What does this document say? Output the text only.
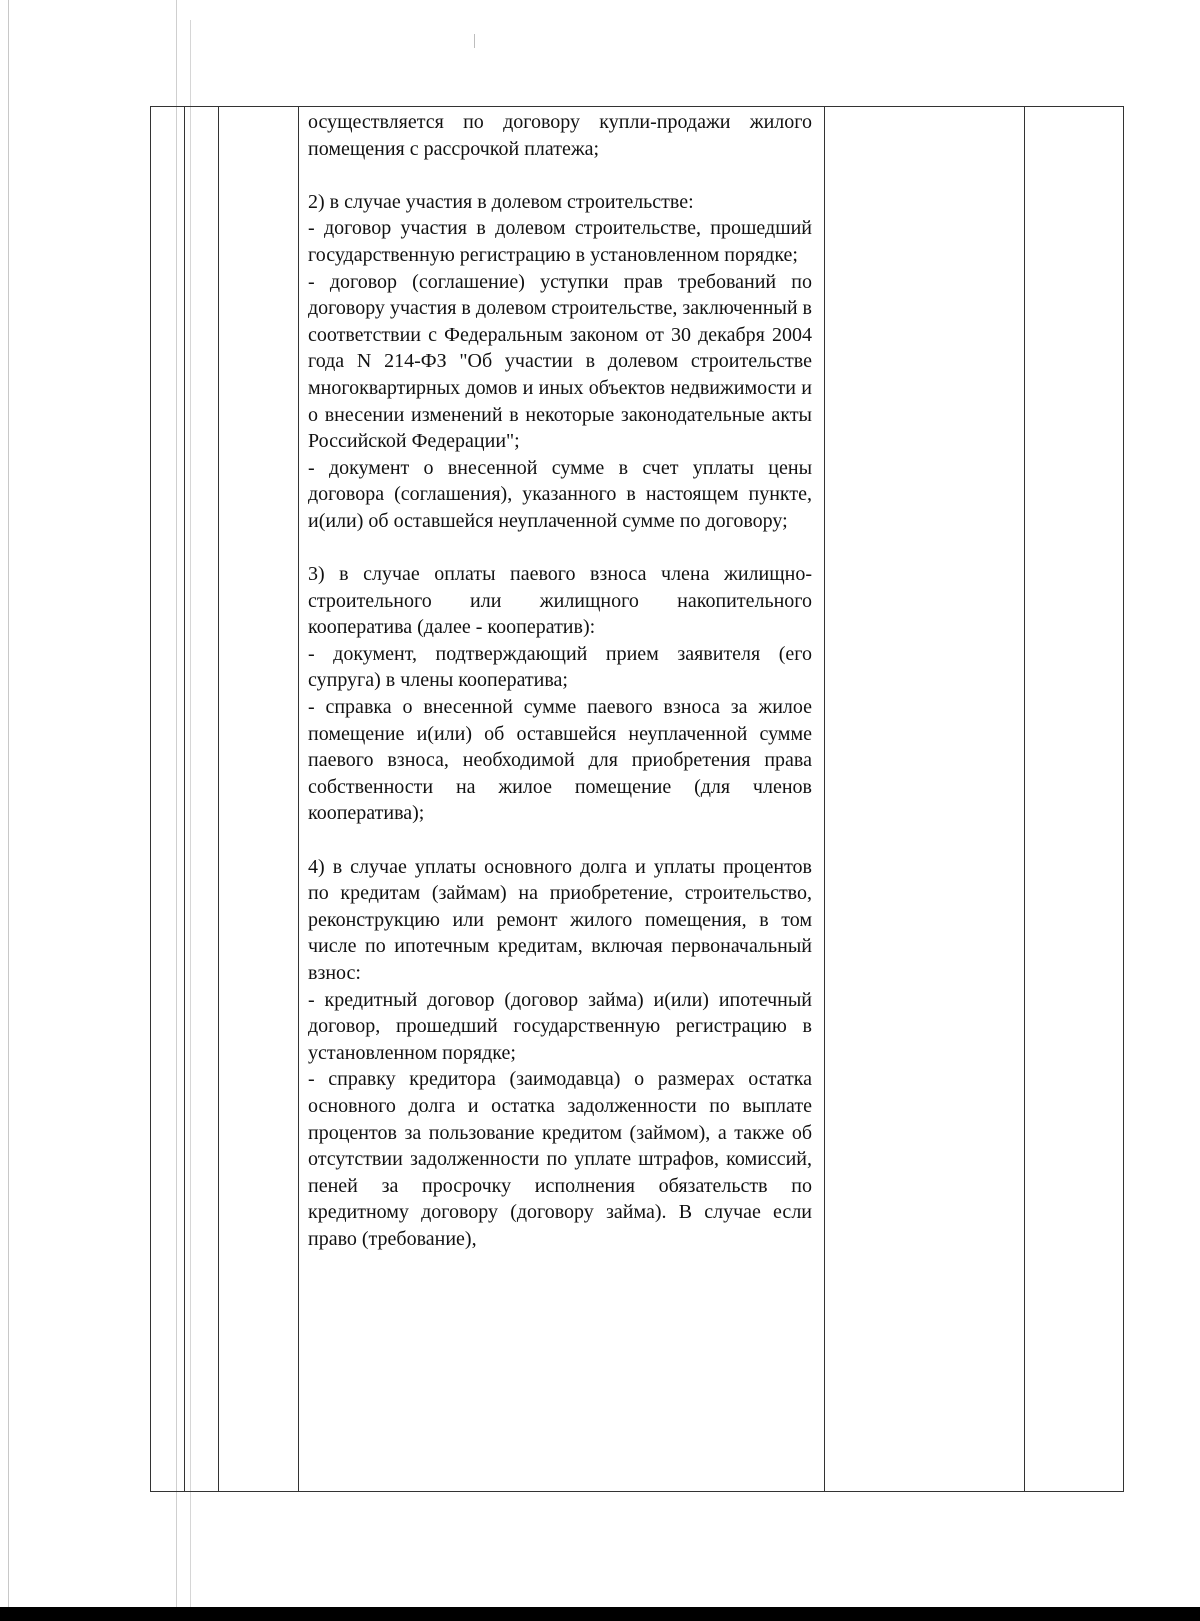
осуществляется по договору купли-продажи жилого помещения с рассрочкой платежа;

2) в случае участия в долевом строительстве:

- договор участия в долевом строительстве, прошедший государственную регистрацию в установленном порядке;

- договор (соглашение) уступки прав требований по договору участия в долевом строительстве, заключенный в соответствии с Федеральным законом от 30 декабря 2004 года N 214-ФЗ "Об участии в долевом строительстве многоквартирных домов и иных объектов недвижимости и о внесении изменений в некоторые законодательные акты Российской Федерации";

- документ о внесенной сумме в счет уплаты цены договора (соглашения), указанного в настоящем пункте, и(или) об оставшейся неуплаченной сумме по договору;

3) в случае оплаты паевого взноса члена жилищно-строительного или жилищного накопительного кооператива (далее - кооператив):

- документ, подтверждающий прием заявителя (его супруга) в члены кооператива;

- справка о внесенной сумме паевого взноса за жилое помещение и(или) об оставшейся неуплаченной сумме паевого взноса, необходимой для приобретения права собственности на жилое помещение (для членов кооператива);

4) в случае уплаты основного долга и уплаты процентов по кредитам (займам) на приобретение, строительство, реконструкцию или ремонт жилого помещения, в том числе по ипотечным кредитам, включая первоначальный взнос:

- кредитный договор (договор займа) и(или) ипотечный договор, прошедший государственную регистрацию в установленном порядке;

- справку кредитора (заимодавца) о размерах остатка основного долга и остатка задолженности по выплате процентов за пользование кредитом (займом), а также об отсутствии задолженности по уплате штрафов, комиссий, пеней за просрочку исполнения обязательств по кредитному договору (договору займа). В случае если право (требование),
